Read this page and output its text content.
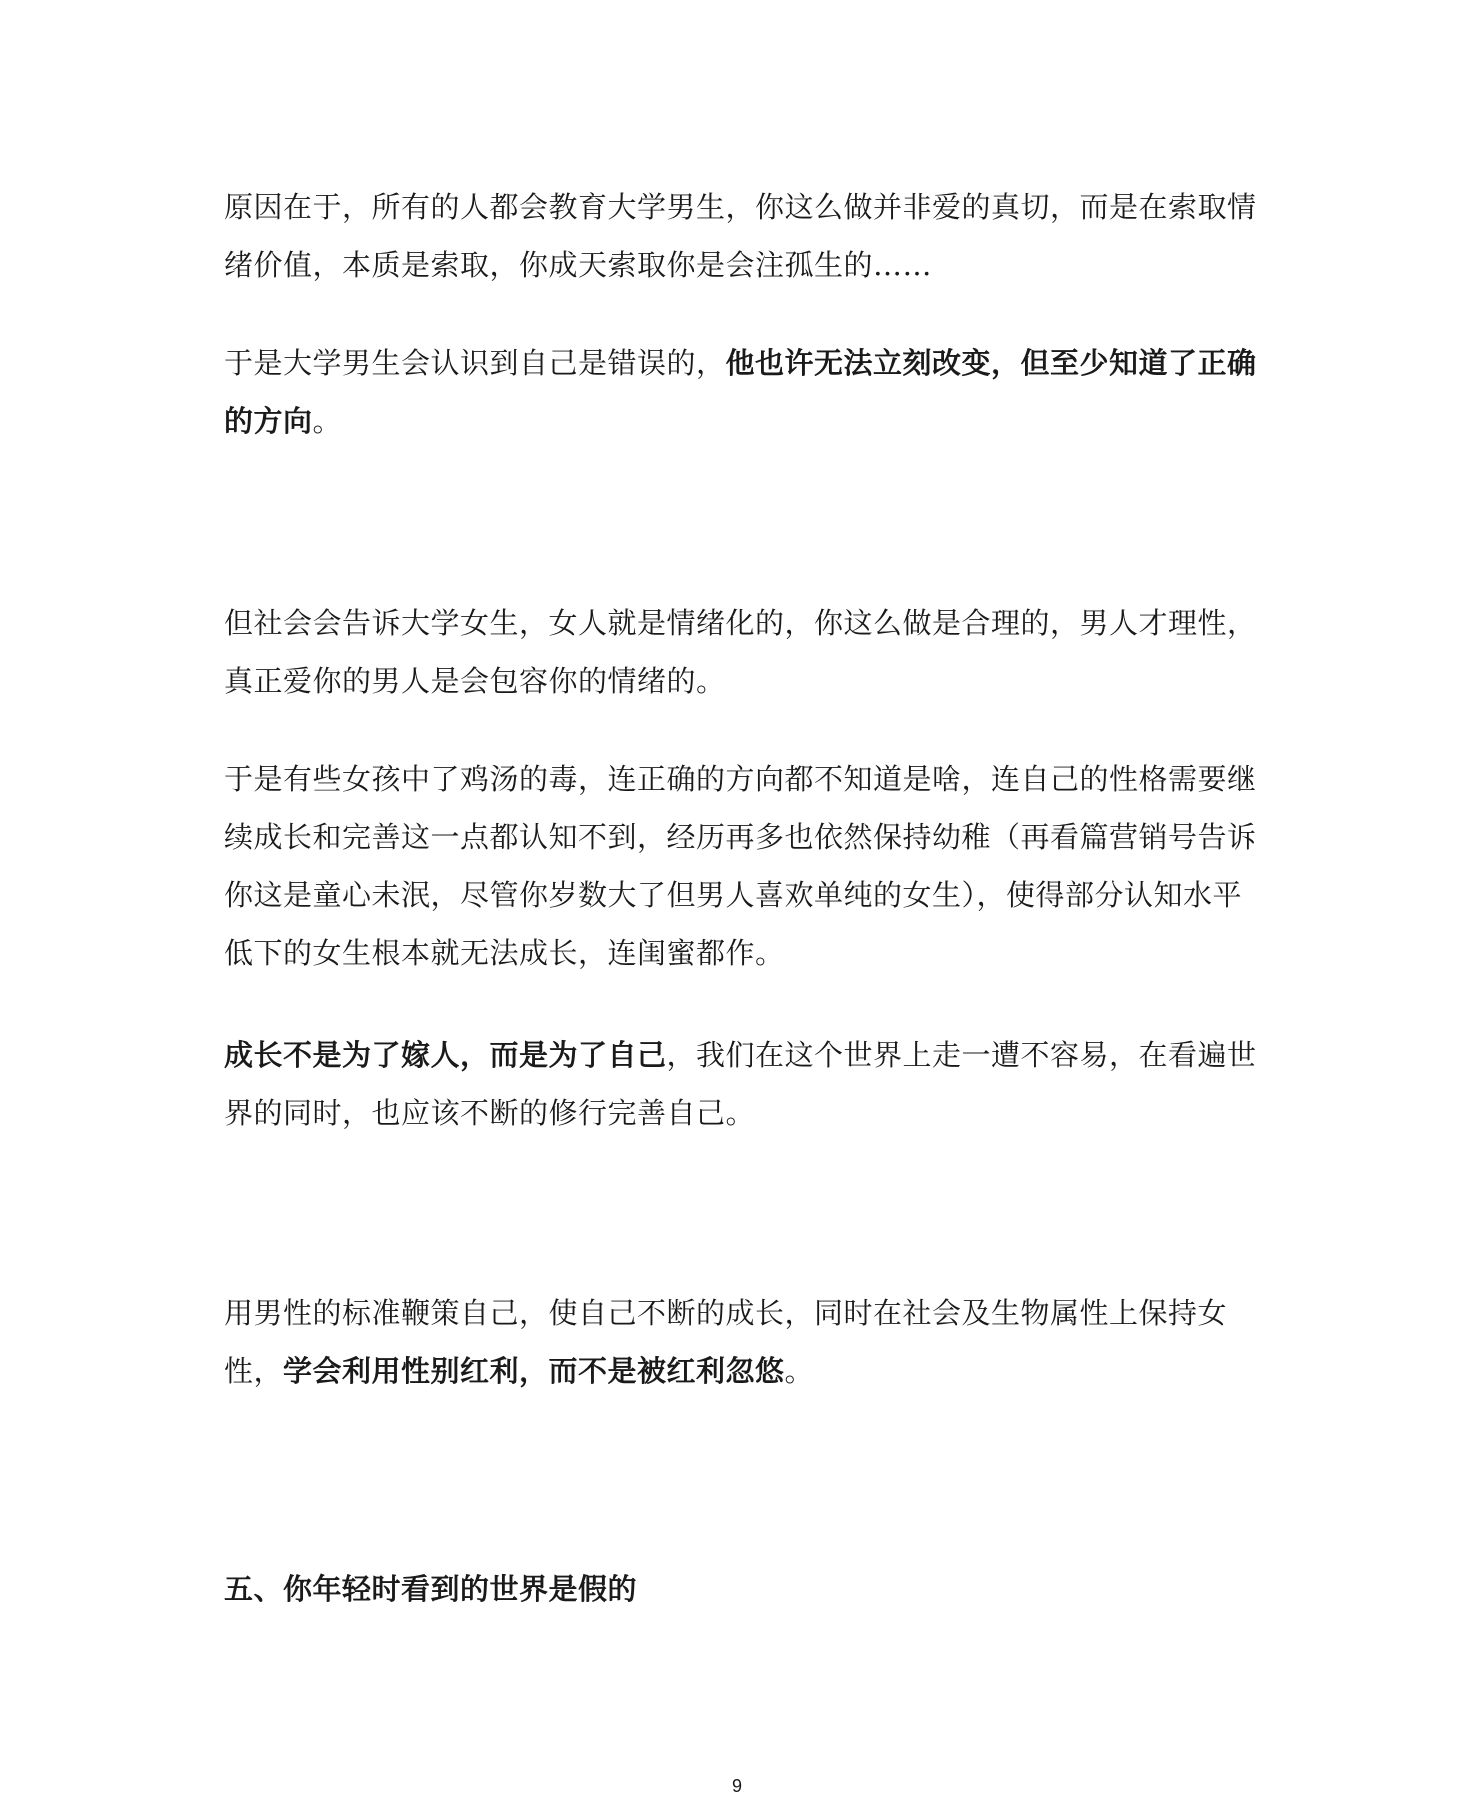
原因在于，所有的人都会教育大学男生，你这么做并非爱的真切，而是在索取情绪价值，本质是索取，你成天索取你是会注孤生的……

于是大学男生会认识到自己是错误的，他也许无法立刻改变，但至少知道了正确的方向。

但社会会告诉大学女生，女人就是情绪化的，你这么做是合理的，男人才理性，真正爱你的男人是会包容你的情绪的。

于是有些女孩中了鸡汤的毒，连正确的方向都不知道是啥，连自己的性格需要继续成长和完善这一点都认知不到，经历再多也依然保持幼稚（再看篇营销号告诉你这是童心未泯，尽管你岁数大了但男人喜欢单纯的女生），使得部分认知水平低下的女生根本就无法成长，连闺蜜都作。

成长不是为了嫁人，而是为了自己，我们在这个世界上走一遭不容易，在看遍世界的同时，也应该不断的修行完善自己。

用男性的标准鞭策自己，使自己不断的成长，同时在社会及生物属性上保持女性，学会利用性别红利，而不是被红利忽悠。

五、你年轻时看到的世界是假的
9
